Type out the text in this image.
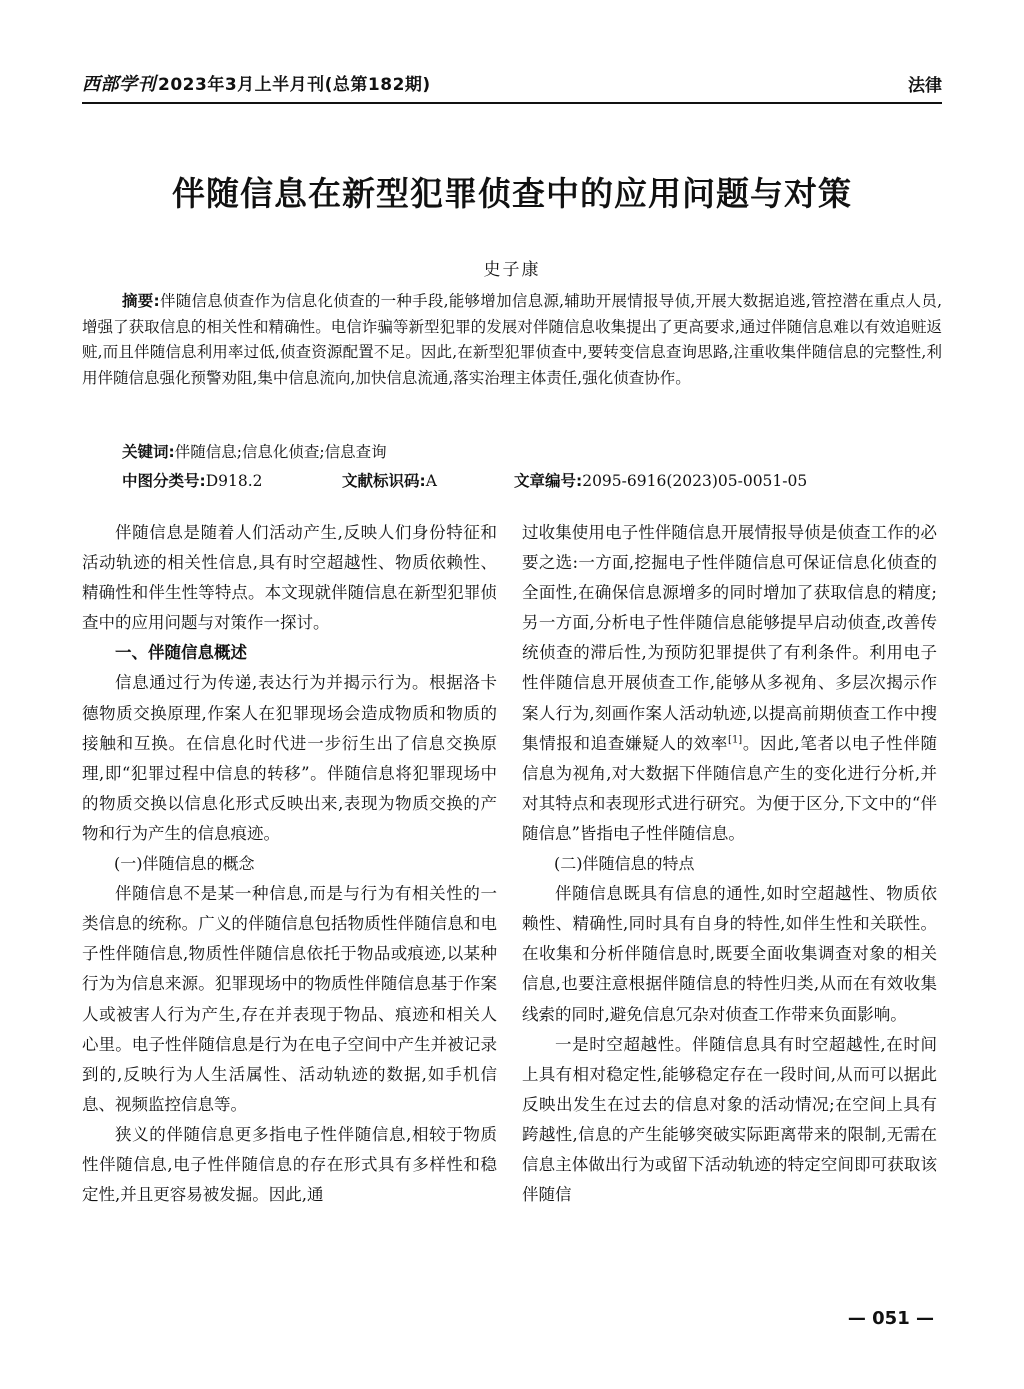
西部学刊 2023年3月上半月刊(总第182期)	法律
伴随信息在新型犯罪侦查中的应用问题与对策
史子康
摘要:伴随信息侦查作为信息化侦查的一种手段,能够增加信息源,辅助开展情报导侦,开展大数据追逃,管控潜在重点人员,增强了获取信息的相关性和精确性。电信诈骗等新型犯罪的发展对伴随信息收集提出了更高要求,通过伴随信息难以有效追赃返赃,而且伴随信息利用率过低,侦查资源配置不足。因此,在新型犯罪侦查中,要转变信息查询思路,注重收集伴随信息的完整性,利用伴随信息强化预警劝阻,集中信息流向,加快信息流通,落实治理主体责任,强化侦查协作。
关键词:伴随信息;信息化侦查;信息查询
中图分类号:D918.2	文献标识码:A	文章编号:2095-6916(2023)05-0051-05

伴随信息是随着人们活动产生,反映人们身份特征和活动轨迹的相关性信息,具有时空超越性、物质依赖性、精确性和伴生性等特点。本文现就伴随信息在新型犯罪侦查中的应用问题与对策作一探讨。

一、伴随信息概述

信息通过行为传递,表达行为并揭示行为。根据洛卡德物质交换原理,作案人在犯罪现场会造成物质和物质的接触和互换。在信息化时代进一步衍生出了信息交换原理,即“犯罪过程中信息的转移”。伴随信息将犯罪现场中的物质交换以信息化形式反映出来,表现为物质交换的产物和行为产生的信息痕迹。

(一)伴随信息的概念

伴随信息不是某一种信息,而是与行为有相关性的一类信息的统称。广义的伴随信息包括物质性伴随信息和电子性伴随信息,物质性伴随信息依托于物品或痕迹,以某种行为为信息来源。犯罪现场中的物质性伴随信息基于作案人或被害人行为产生,存在并表现于物品、痕迹和相关人心里。电子性伴随信息是行为在电子空间中产生并被记录到的,反映行为人生活属性、活动轨迹的数据,如手机信息、视频监控信息等。

狭义的伴随信息更多指电子性伴随信息,相较于物质性伴随信息,电子性伴随信息的存在形式具有多样性和稳定性,并且更容易被发掘。因此,通

过收集使用电子性伴随信息开展情报导侦是侦查工作的必要之选:一方面,挖掘电子性伴随信息可保证信息化侦查的全面性,在确保信息源增多的同时增加了获取信息的精度;另一方面,分析电子性伴随信息能够提早启动侦查,改善传统侦查的滞后性,为预防犯罪提供了有利条件。利用电子性伴随信息开展侦查工作,能够从多视角、多层次揭示作案人行为,刻画作案人活动轨迹,以提高前期侦查工作中搜集情报和追查嫌疑人的效率[1]。因此,笔者以电子性伴随信息为视角,对大数据下伴随信息产生的变化进行分析,并对其特点和表现形式进行研究。为便于区分,下文中的“伴随信息”皆指电子性伴随信息。

(二)伴随信息的特点

伴随信息既具有信息的通性,如时空超越性、物质依赖性、精确性,同时具有自身的特性,如伴生性和关联性。在收集和分析伴随信息时,既要全面收集调查对象的相关信息,也要注意根据伴随信息的特性归类,从而在有效收集线索的同时,避免信息冗杂对侦查工作带来负面影响。

一是时空超越性。伴随信息具有时空超越性,在时间上具有相对稳定性,能够稳定存在一段时间,从而可以据此反映出发生在过去的信息对象的活动情况;在空间上具有跨越性,信息的产生能够突破实际距离带来的限制,无需在信息主体做出行为或留下活动轨迹的特定空间即可获取该伴随信

— 051 —
